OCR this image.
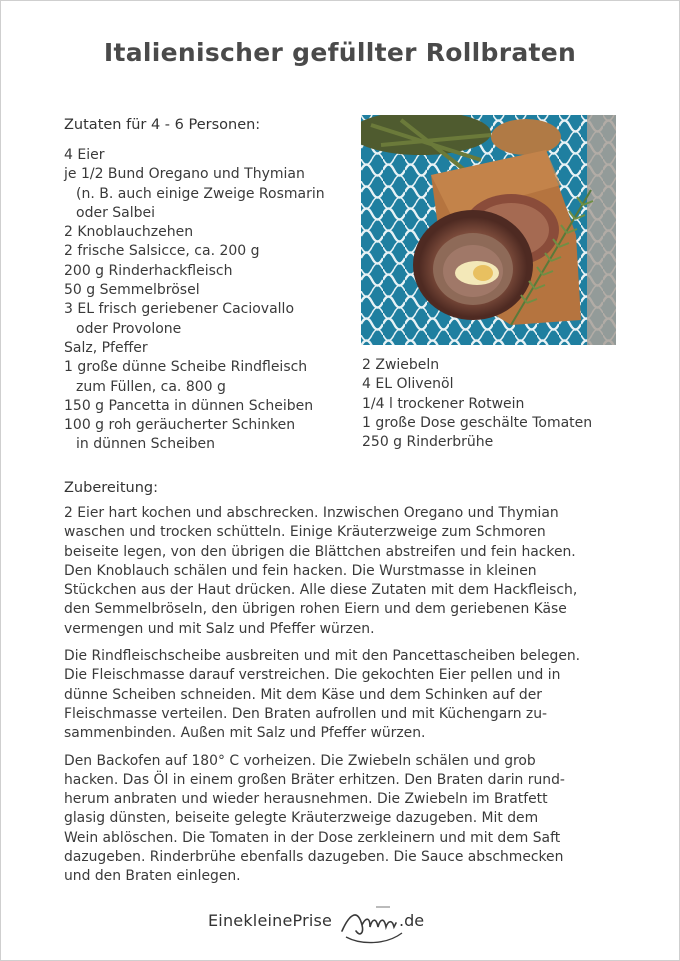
Italienischer gefüllter Rollbraten
Zutaten für 4 - 6 Personen:
4 Eier
je 1/2 Bund Oregano und Thymian
(n. B. auch einige Zweige Rosmarin
oder Salbei
2 Knoblauchzehen
2 frische Salsicce, ca. 200 g
200 g Rinderhackfleisch
50 g Semmelbrösel
3 EL frisch geriebener Caciovallo
oder Provolone
Salz, Pfeffer
1 große dünne Scheibe Rindfleisch
zum Füllen, ca. 800 g
150 g Pancetta in dünnen Scheiben
100 g roh geräucherter Schinken
in dünnen Scheiben
2 Zwiebeln
4 EL Olivenöl
1/4 l trockener Rotwein
1 große Dose geschälte Tomaten
250 g Rinderbrühe
Zubereitung:

2 Eier hart kochen und abschrecken. Inzwischen Oregano und Thymian
waschen und trocken schütteln. Einige Kräuterzweige zum Schmoren
beiseite legen, von den übrigen die Blättchen abstreifen und fein hacken.
Den Knoblauch schälen und fein hacken. Die Wurstmasse in kleinen
Stückchen aus der Haut drücken. Alle diese Zutaten mit dem Hackfleisch,
den Semmelbröseln, den übrigen rohen Eiern und dem geriebenen Käse
vermengen und mit Salz und Pfeffer würzen.

Die Rindfleischscheibe ausbreiten und mit den Pancettascheiben belegen.
Die Fleischmasse darauf verstreichen. Die gekochten Eier pellen und in
dünne Scheiben schneiden. Mit dem Käse und dem Schinken auf der
Fleischmasse verteilen. Den Braten aufrollen und mit Küchengarn zu-
sammenbinden. Außen mit Salz und Pfeffer würzen.

Den Backofen auf 180° C vorheizen. Die Zwiebeln schälen und grob
hacken. Das Öl in einem großen Bräter erhitzen. Den Braten darin rund-
herum anbraten und wieder herausnehmen. Die Zwiebeln im Bratfett
glasig dünsten, beiseite gelegte Kräuterzweige dazugeben. Mit dem
Wein ablöschen. Die Tomaten in der Dose zerkleinern und mit dem Saft
dazugeben. Rinderbrühe ebenfalls dazugeben. Die Sauce abschmecken
und den Braten einlegen.

EinekleinePrise	.de
